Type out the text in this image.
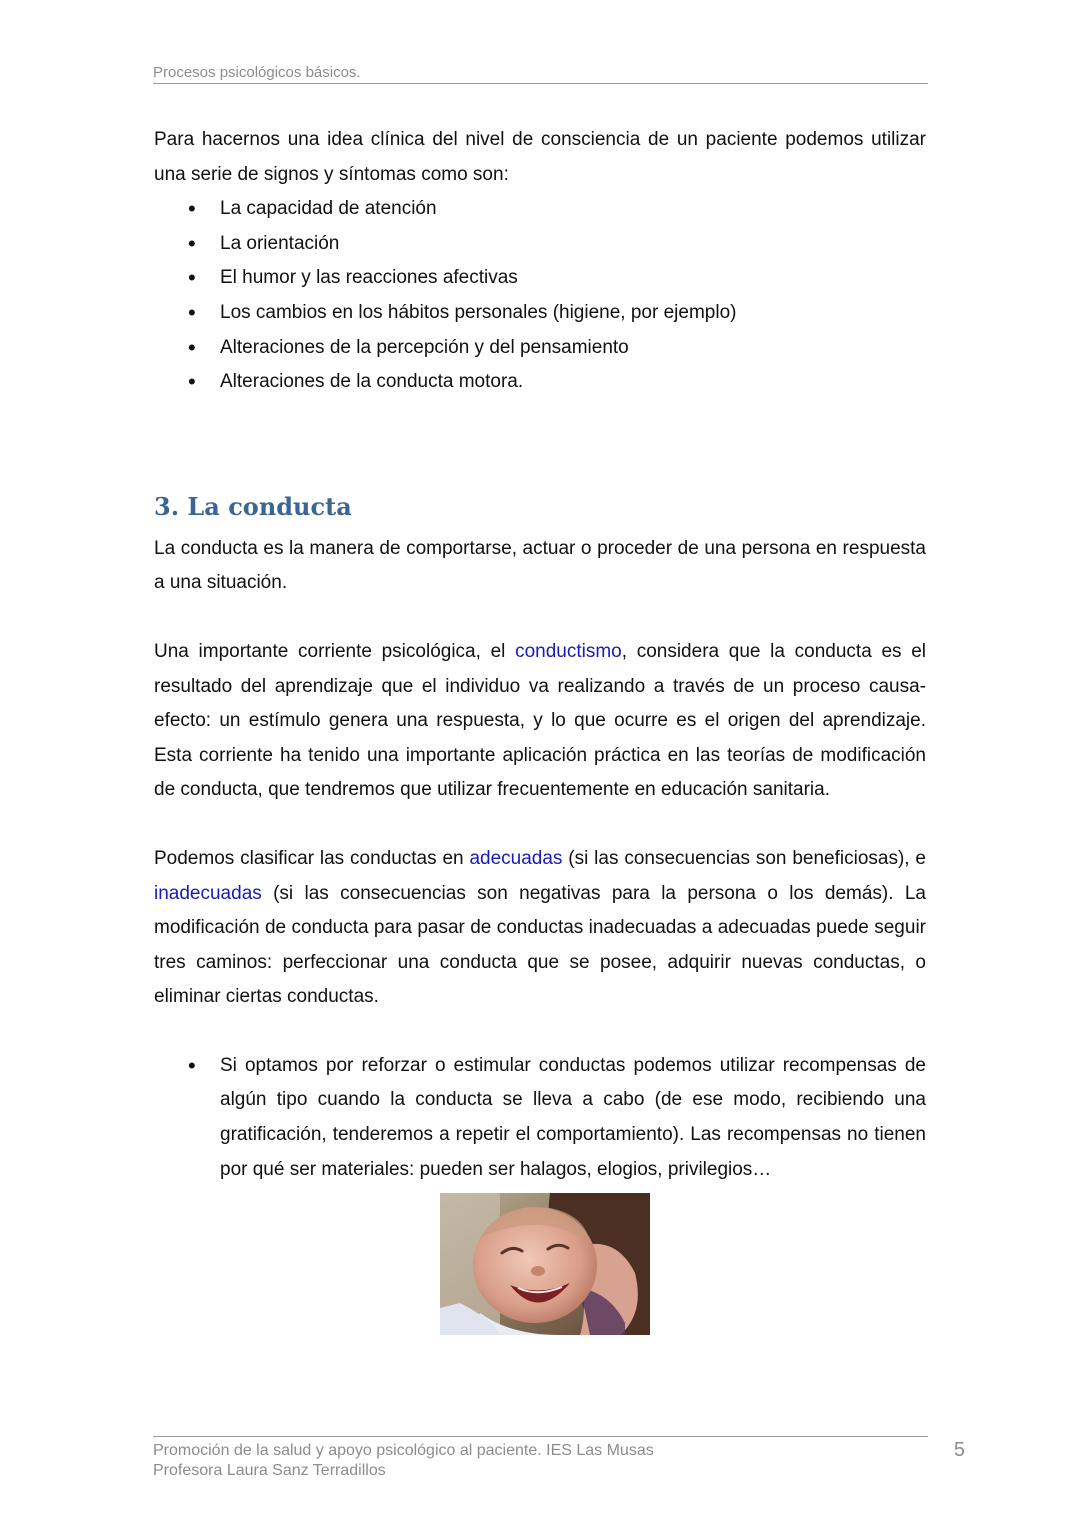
Procesos psicológicos básicos.

Para hacernos una idea clínica del nivel de consciencia de un paciente podemos utilizar una serie de signos y síntomas como son:

• La capacidad de atención
• La orientación
• El humor y las reacciones afectivas
• Los cambios en los hábitos personales (higiene, por ejemplo)
• Alteraciones de la percepción y del pensamiento
• Alteraciones de la conducta motora.
3. La conducta

La conducta es la manera de comportarse, actuar o proceder de una persona en respuesta a una situación.

Una importante corriente psicológica, el conductismo, considera que la conducta es el resultado del aprendizaje que el individuo va realizando a través de un proceso causa-efecto: un estímulo genera una respuesta, y lo que ocurre es el origen del aprendizaje. Esta corriente ha tenido una importante aplicación práctica en las teorías de modificación de conducta, que tendremos que utilizar frecuentemente en educación sanitaria.

Podemos clasificar las conductas en adecuadas (si las consecuencias son beneficiosas), e inadecuadas (si las consecuencias son negativas para la persona o los demás). La modificación de conducta para pasar de conductas inadecuadas a adecuadas puede seguir tres caminos: perfeccionar una conducta que se posee, adquirir nuevas conductas, o eliminar ciertas conductas.

• Si optamos por reforzar o estimular conductas podemos utilizar recompensas de algún tipo cuando la conducta se lleva a cabo (de ese modo, recibiendo una gratificación, tenderemos a repetir el comportamiento). Las recompensas no tienen por qué ser materiales: pueden ser halagos, elogios, privilegios…
Promoción de la salud y apoyo psicológico al paciente. IES Las Musas
Profesora Laura Sanz Terradillos
5
